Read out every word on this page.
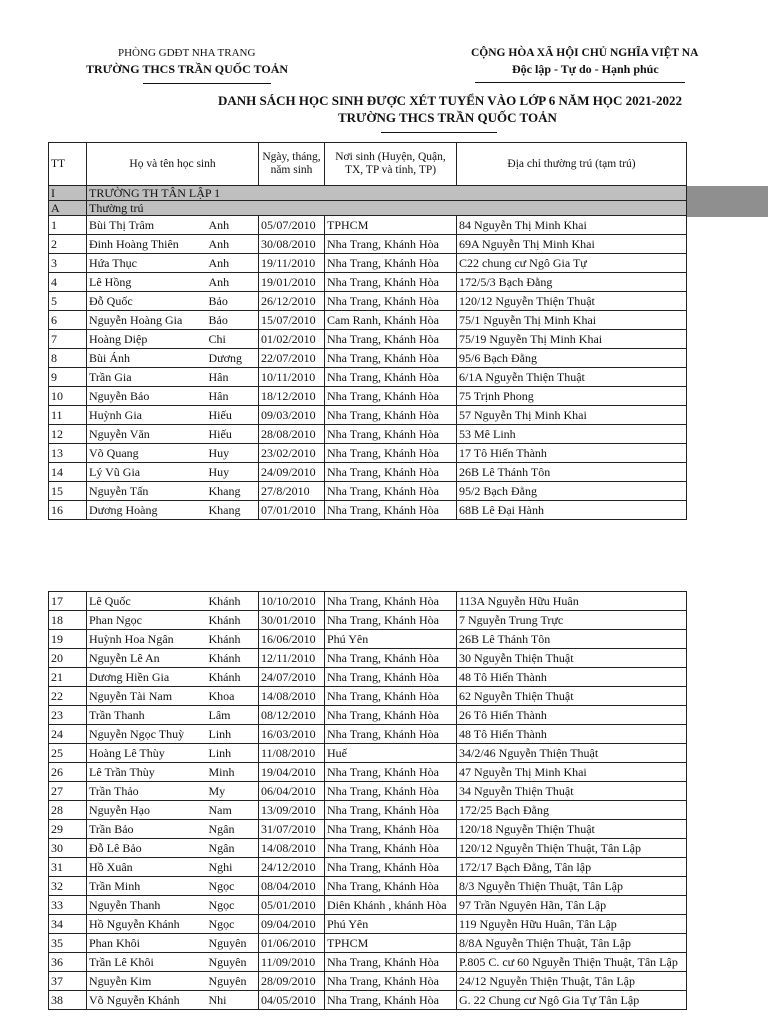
PHÒNG GDĐT NHA TRANG
TRƯỜNG THCS TRẦN QUỐC TOẢN
CỘNG HÒA XÃ HỘI CHỦ NGHĨA VIỆT NA
Độc lập - Tự do - Hạnh phúc
DANH SÁCH HỌC SINH ĐƯỢC XÉT TUYỂN VÀO LỚP 6 NĂM HỌC 2021-2022
TRƯỜNG THCS TRẦN QUỐC TOẢN
TT	Họ và tên học sinh		Ngày, tháng, năm sinh	Nơi sinh (Huyện, Quận, TX, TP và tỉnh, TP)	Địa chỉ thường trú (tạm trú)
I	TRƯỜNG TH TÂN LẬP 1				
A	Thường trú				
1	Bùi Thị Trâm	Anh	05/07/2010	TPHCM	84 Nguyễn Thị Minh Khai
2	Đinh Hoàng Thiên	Anh	30/08/2010	Nha Trang, Khánh Hòa	69A Nguyễn Thị Minh Khai
3	Hứa Thục	Anh	19/11/2010	Nha Trang, Khánh Hòa	C22 chung cư Ngô Gia Tự
4	Lê Hồng	Anh	19/01/2010	Nha Trang, Khánh Hòa	172/5/3 Bạch Đằng
5	Đỗ Quốc	Bảo	26/12/2010	Nha Trang, Khánh Hòa	120/12 Nguyễn Thiện Thuật
6	Nguyễn Hoàng Gia	Bảo	15/07/2010	Cam Ranh, Khánh Hòa	75/1 Nguyễn Thị Minh Khai
7	Hoàng Diệp	Chi	01/02/2010	Nha Trang, Khánh Hòa	75/19 Nguyễn Thị Minh Khai
8	Bùi Ánh	Dương	22/07/2010	Nha Trang, Khánh Hòa	95/6 Bạch Đằng
9	Trần Gia	Hân	10/11/2010	Nha Trang, Khánh Hòa	6/1A Nguyễn Thiện Thuật
10	Nguyễn Bảo	Hân	18/12/2010	Nha Trang, Khánh Hòa	75 Trịnh Phong
11	Huỳnh Gia	Hiếu	09/03/2010	Nha Trang, Khánh Hòa	57 Nguyễn Thị Minh Khai
12	Nguyễn Văn	Hiếu	28/08/2010	Nha Trang, Khánh Hòa	53 Mê Linh
13	Võ Quang	Huy	23/02/2010	Nha Trang, Khánh Hòa	17 Tô Hiến Thành
14	Lý Vũ Gia	Huy	24/09/2010	Nha Trang, Khánh Hòa	26B Lê Thánh Tôn
15	Nguyễn Tấn	Khang	27/8/2010	Nha Trang, Khánh Hòa	95/2 Bạch Đằng
16	Dương Hoàng	Khang	07/01/2010	Nha Trang, Khánh Hòa	68B Lê Đại Hành
17	Lê Quốc	Khánh	10/10/2010	Nha Trang, Khánh Hòa	113A Nguyễn Hữu Huân
18	Phan Ngọc	Khánh	30/01/2010	Nha Trang, Khánh Hòa	7 Nguyễn Trung Trực
19	Huỳnh Hoa Ngân	Khánh	16/06/2010	Phú Yên	26B Lê Thánh Tôn
20	Nguyễn Lê An	Khánh	12/11/2010	Nha Trang, Khánh Hòa	30 Nguyễn Thiện Thuật
21	Dương Hiền Gia	Khánh	24/07/2010	Nha Trang, Khánh Hòa	48 Tô Hiến Thành
22	Nguyễn Tài Nam	Khoa	14/08/2010	Nha Trang, Khánh Hòa	62 Nguyễn Thiện Thuật
23	Trần Thanh	Lâm	08/12/2010	Nha Trang, Khánh Hòa	26 Tô Hiến Thành
24	Nguyễn Ngọc Thuỳ	Linh	16/03/2010	Nha Trang, Khánh Hòa	48 Tô Hiến Thành
25	Hoàng Lê Thùy	Linh	11/08/2010	Huế	34/2/46 Nguyễn Thiện Thuật
26	Lê Trần Thùy	Minh	19/04/2010	Nha Trang, Khánh Hòa	47 Nguyễn Thị Minh Khai
27	Trần Thảo	My	06/04/2010	Nha Trang, Khánh Hòa	34 Nguyễn Thiện Thuật
28	Nguyễn Hạo	Nam	13/09/2010	Nha Trang, Khánh Hòa	172/25 Bạch Đằng
29	Trần Bảo	Ngân	31/07/2010	Nha Trang, Khánh Hòa	120/18 Nguyễn Thiện Thuật
30	Đỗ Lê Bảo	Ngân	14/08/2010	Nha Trang, Khánh Hòa	120/12 Nguyễn Thiện Thuật, Tân Lập
31	Hồ Xuân	Nghi	24/12/2010	Nha Trang, Khánh Hòa	172/17 Bạch Đằng, Tân lập
32	Trần Minh	Ngọc	08/04/2010	Nha Trang, Khánh Hòa	8/3 Nguyễn Thiện Thuật, Tân Lập
33	Nguyễn Thanh	Ngọc	05/01/2010	Diên Khánh , khánh Hòa	97 Trần Nguyên Hãn, Tân Lập
34	Hồ Nguyễn Khánh	Ngọc	09/04/2010	Phú Yên	119 Nguyễn Hữu Huân, Tân Lập
35	Phan Khôi	Nguyên	01/06/2010	TPHCM	8/8A Nguyễn Thiện Thuật, Tân Lập
36	Trần Lê Khôi	Nguyên	11/09/2010	Nha Trang, Khánh Hòa	P.805 C. cư 60 Nguyễn Thiện Thuật, Tân Lập
37	Nguyễn Kim	Nguyên	28/09/2010	Nha Trang, Khánh Hòa	24/12 Nguyễn Thiện Thuật, Tân Lập
38	Võ Nguyễn Khánh	Nhi	04/05/2010	Nha Trang, Khánh Hòa	G. 22 Chung cư Ngô Gia Tự Tân Lập
